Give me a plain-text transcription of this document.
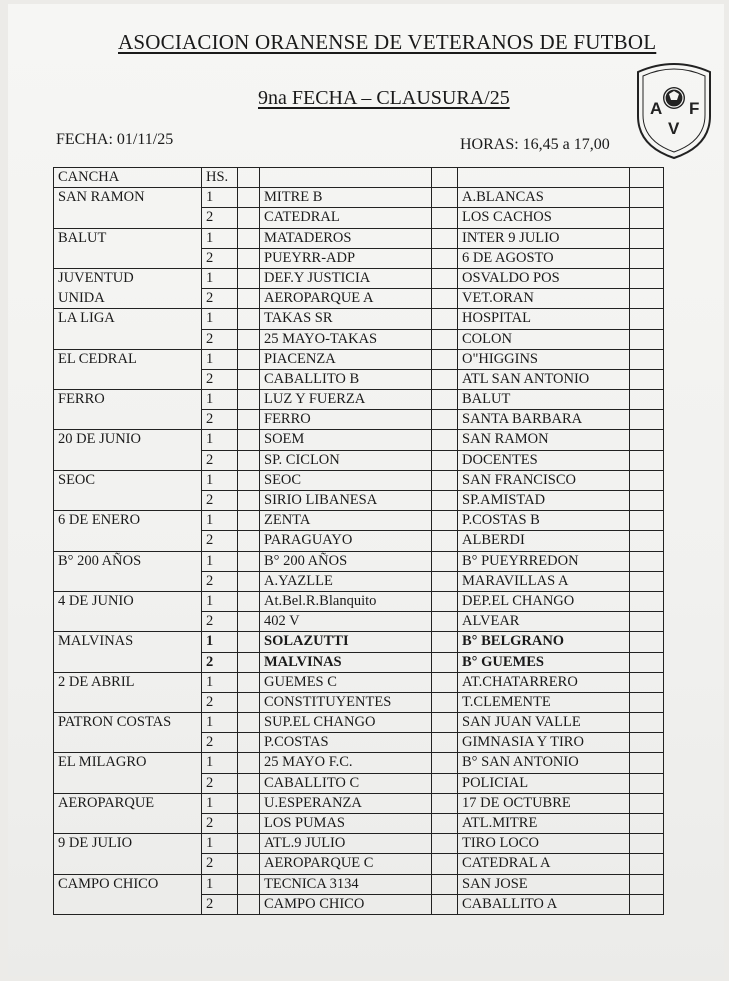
ASOCIACION ORANENSE DE VETERANOS DE FUTBOL
9na FECHA – CLAUSURA/25	A F
V
FECHA: 01/11/25	HORAS: 16,45 a 17,00
CANCHA	HS.					
SAN RAMON	1		MITRE B		A.BLANCAS	
	2		CATEDRAL		LOS CACHOS	
BALUT	1		MATADEROS		INTER 9 JULIO	
	2		PUEYRR-ADP		6 DE AGOSTO	
JUVENTUD	1		DEF.Y JUSTICIA		OSVALDO POS	
UNIDA	2		AEROPARQUE A		VET.ORAN	
LA LIGA	1		TAKAS SR		HOSPITAL	
	2		25 MAYO-TAKAS		COLON	
EL CEDRAL	1		PIACENZA		O"HIGGINS	
	2		CABALLITO B		ATL SAN ANTONIO	
FERRO	1		LUZ Y FUERZA		BALUT	
	2		FERRO		SANTA BARBARA	
20 DE JUNIO	1		SOEM		SAN RAMON	
	2		SP. CICLON		DOCENTES	
SEOC	1		SEOC		SAN FRANCISCO	
	2		SIRIO LIBANESA		SP.AMISTAD	
6 DE ENERO	1		ZENTA		P.COSTAS B	
	2		PARAGUAYO		ALBERDI	
B° 200 AÑOS	1		B° 200 AÑOS		B° PUEYRREDON	
	2		A.YAZLLE		MARAVILLAS A	
4 DE JUNIO	1		At.Bel.R.Blanquito		DEP.EL CHANGO	
	2		402 V		ALVEAR	
MALVINAS	1		SOLAZUTTI		B° BELGRANO	
	2		MALVINAS		B° GUEMES	
2 DE ABRIL	1		GUEMES C		AT.CHATARRERO	
	2		CONSTITUYENTES		T.CLEMENTE	
PATRON COSTAS	1		SUP.EL CHANGO		SAN JUAN VALLE	
	2		P.COSTAS		GIMNASIA Y TIRO	
EL MILAGRO	1		25 MAYO F.C.		B° SAN ANTONIO	
	2		CABALLITO C		POLICIAL	
AEROPARQUE	1		U.ESPERANZA		17 DE OCTUBRE	
	2		LOS PUMAS		ATL.MITRE	
9 DE JULIO	1		ATL.9 JULIO		TIRO LOCO	
	2		AEROPARQUE C		CATEDRAL A	
CAMPO CHICO	1		TECNICA 3134		SAN JOSE	
	2		CAMPO CHICO		CABALLITO A	
